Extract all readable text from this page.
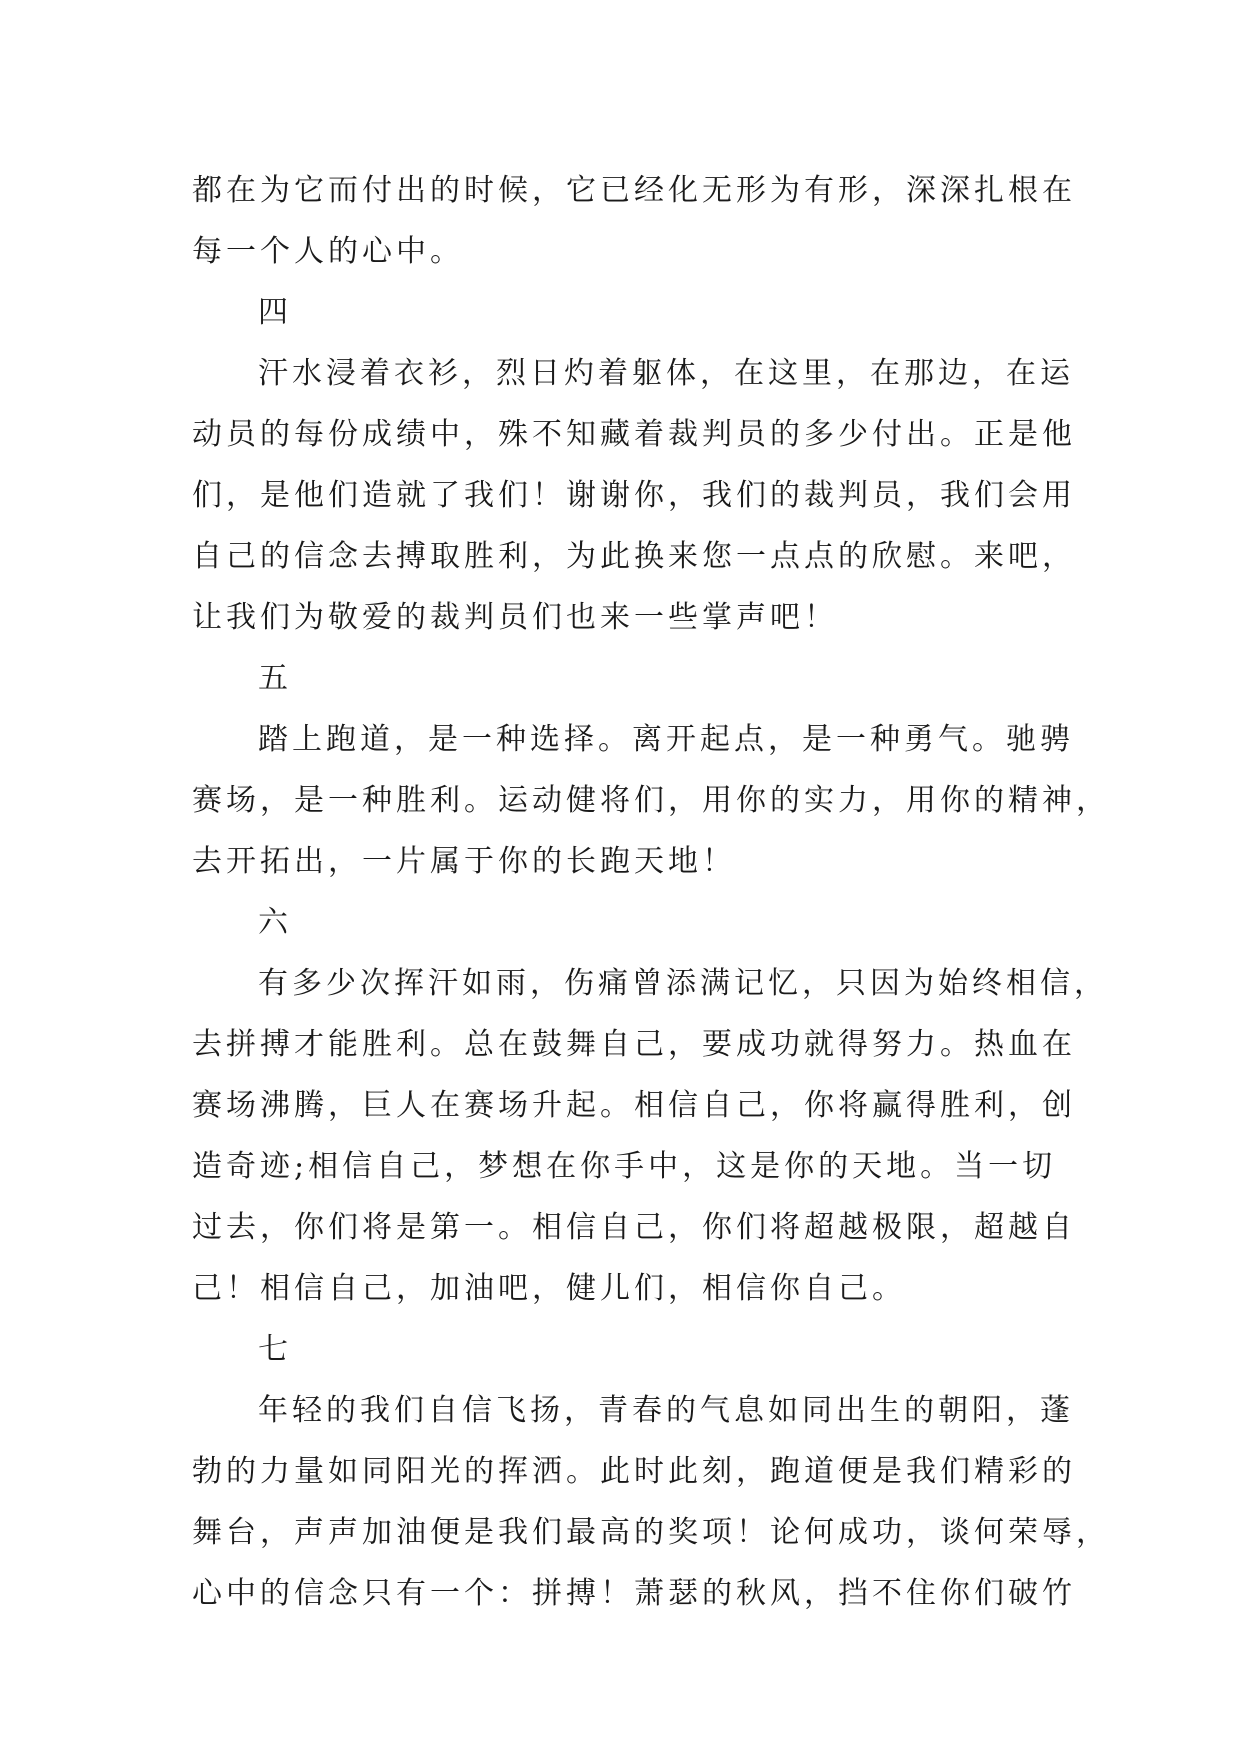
都在为它而付出的时候，它已经化无形为有形，深深扎根在
每一个人的心中。
四
汗水浸着衣衫，烈日灼着躯体，在这里，在那边，在运
动员的每份成绩中，殊不知藏着裁判员的多少付出。正是他
们，是他们造就了我们！谢谢你，我们的裁判员，我们会用
自己的信念去搏取胜利，为此换来您一点点的欣慰。来吧，
让我们为敬爱的裁判员们也来一些掌声吧！
五
踏上跑道，是一种选择。离开起点，是一种勇气。驰骋
赛场，是一种胜利。运动健将们，用你的实力，用你的精神，
去开拓出，一片属于你的长跑天地！
六
有多少次挥汗如雨，伤痛曾添满记忆，只因为始终相信，
去拼搏才能胜利。总在鼓舞自己，要成功就得努力。热血在
赛场沸腾，巨人在赛场升起。相信自己，你将赢得胜利，创
造奇迹;相信自己，梦想在你手中，这是你的天地。当一切
过去，你们将是第一。相信自己，你们将超越极限，超越自
己！相信自己，加油吧，健儿们，相信你自己。
七
年轻的我们自信飞扬，青春的气息如同出生的朝阳，蓬
勃的力量如同阳光的挥洒。此时此刻，跑道便是我们精彩的
舞台，声声加油便是我们最高的奖项！论何成功，谈何荣辱，
心中的信念只有一个：拼搏！萧瑟的秋风，挡不住你们破竹
